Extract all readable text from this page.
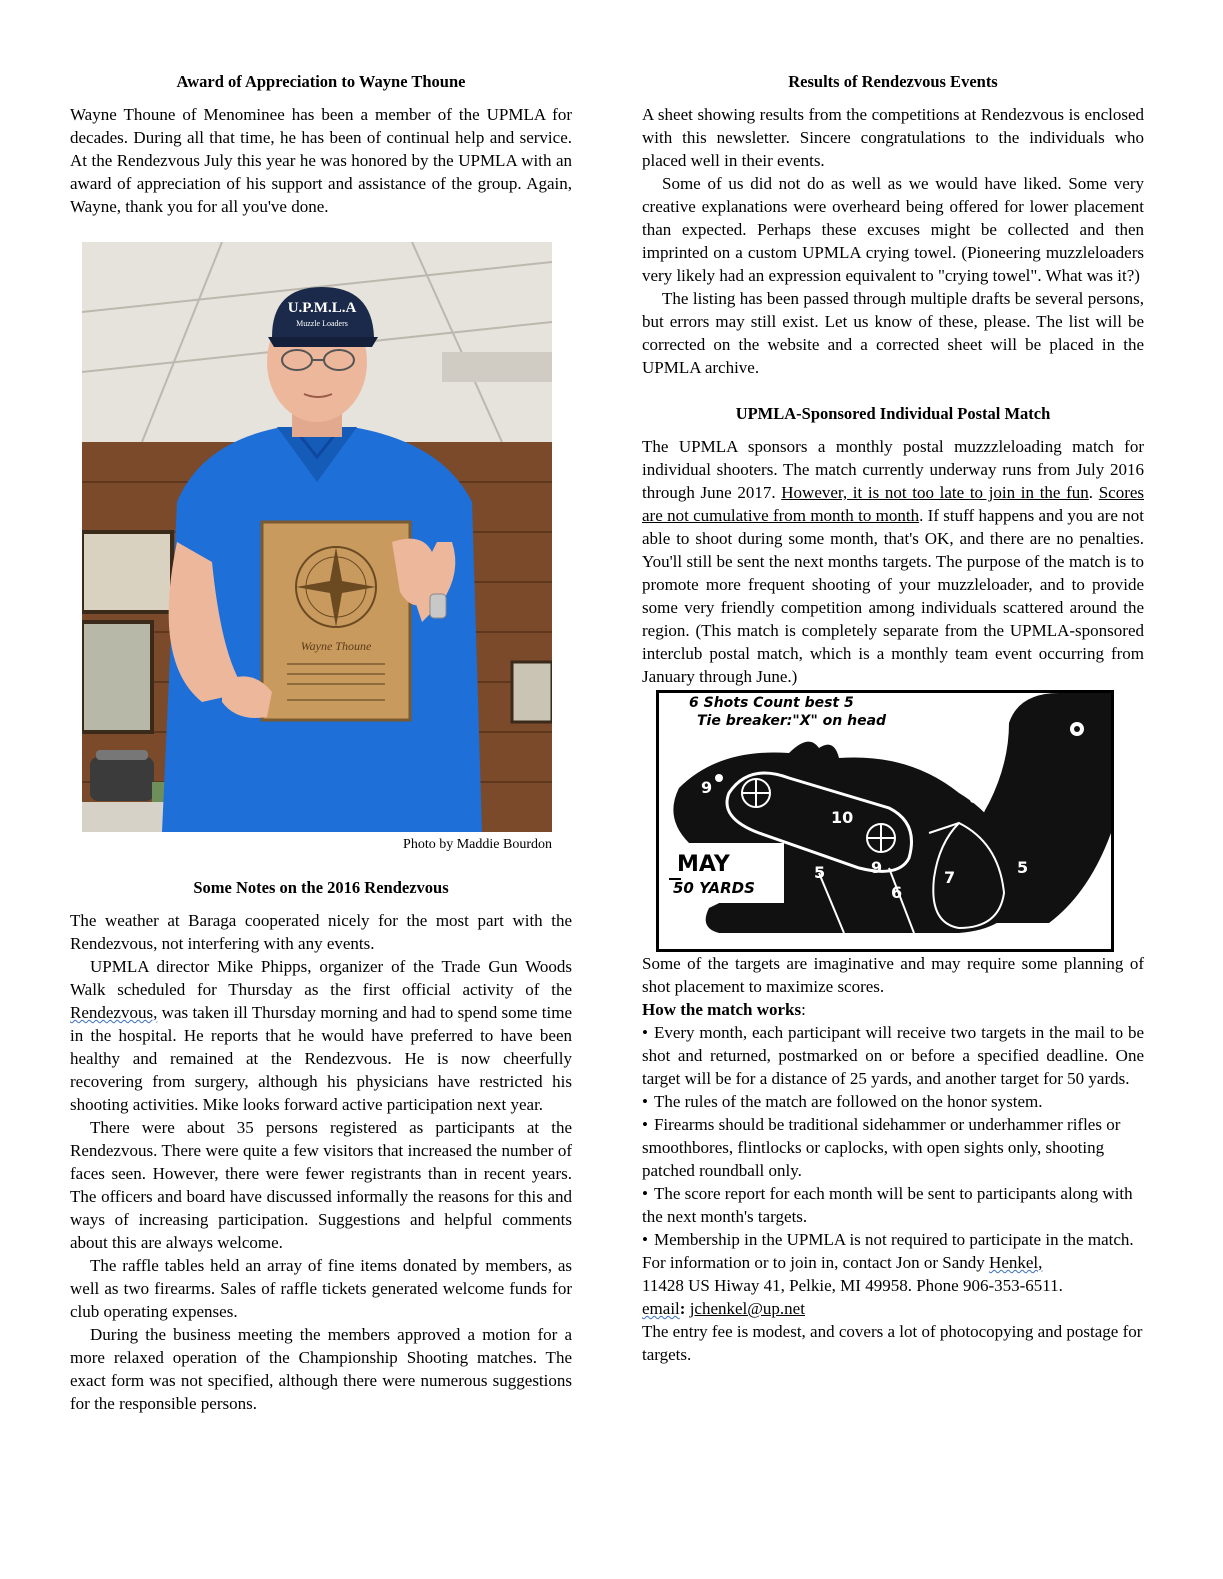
Award of Appreciation to Wayne Thoune

Wayne Thoune of Menominee has been a member of the UPMLA for decades. During all that time, he has been of continual help and service. At the Rendezvous July this year he was honored by the UPMLA with an award of appreciation of his support and assistance of the group. Again, Wayne, thank you for all you've done.

U.P.M.L.A
Muzzle Loaders
Wayne Thoune
Photo by Maddie Bourdon
Some Notes on the 2016 Rendezvous

The weather at Baraga cooperated nicely for the most part with the Rendezvous, not interfering with any events.

UPMLA director Mike Phipps, organizer of the Trade Gun Woods Walk scheduled for Thursday as the first official activity of the Rendezvous, was taken ill Thursday morning and had to spend some time in the hospital. He reports that he would have preferred to have been healthy and remained at the Rendezvous. He is now cheerfully recovering from surgery, although his physicians have restricted his shooting activities. Mike looks forward active participation next year.

There were about 35 persons registered as participants at the Rendezvous. There were quite a few visitors that increased the number of faces seen. However, there were fewer registrants than in recent years. The officers and board have discussed informally the reasons for this and ways of increasing participation. Suggestions and helpful comments about this are always welcome.

The raffle tables held an array of fine items donated by members, as well as two firearms. Sales of raffle tickets generated welcome funds for club operating expenses.

During the business meeting the members approved a motion for a more relaxed operation of the Championship Shooting matches. The exact form was not specified, although there were numerous suggestions for the responsible persons.

Results of Rendezvous Events

A sheet showing results from the competitions at Rendezvous is enclosed with this newsletter. Sincere congratulations to the individuals who placed well in their events.

Some of us did not do as well as we would have liked. Some very creative explanations were overheard being offered for lower placement than expected. Perhaps these excuses might be collected and then imprinted on a custom UPMLA crying towel. (Pioneering muzzleloaders very likely had an expression equivalent to "crying towel". What was it?)

The listing has been passed through multiple drafts be several persons, but errors may still exist. Let us know of these, please. The list will be corrected on the website and a corrected sheet will be placed in the UPMLA archive.

UPMLA-Sponsored Individual Postal Match

The UPMLA sponsors a monthly postal muzzzleloading match for individual shooters. The match currently underway runs from July 2016 through June 2017. However, it is not too late to join in the fun. Scores are not cumulative from month to month. If stuff happens and you are not able to shoot during some month, that's OK, and there are no penalties. You'll still be sent the next months targets. The purpose of the match is to promote more frequent shooting of your muzzleloader, and to provide some very friendly competition among individuals scattered around the region. (This match is completely separate from the UPMLA-sponsored interclub postal match, which is a monthly team event occurring from January through June.)

6 Shots Count best 5
Tie breaker:"X" on head
9
10
9
8
7
6
5	5
MAY
50 YARDS

Some of the targets are imaginative and may require some planning of shot placement to maximize scores.

How the match works:

• Every month, each participant will receive two targets in the mail to be shot and returned, postmarked on or before a specified deadline. One target will be for a distance of 25 yards, and another target for 50 yards.

• The rules of the match are followed on the honor system.

• Firearms should be traditional sidehammer or underhammer rifles or smoothbores, flintlocks or caplocks, with open sights only, shooting patched roundball only.

• The score report for each month will be sent to participants along with the next month's targets.

• Membership in the UPMLA is not required to participate in the match.

For information or to join in, contact Jon or Sandy Henkel,
11428 US Hiway 41, Pelkie, MI 49958. Phone 906-353-6511.
email: jchenkel@up.net

The entry fee is modest, and covers a lot of photocopying and postage for targets.
